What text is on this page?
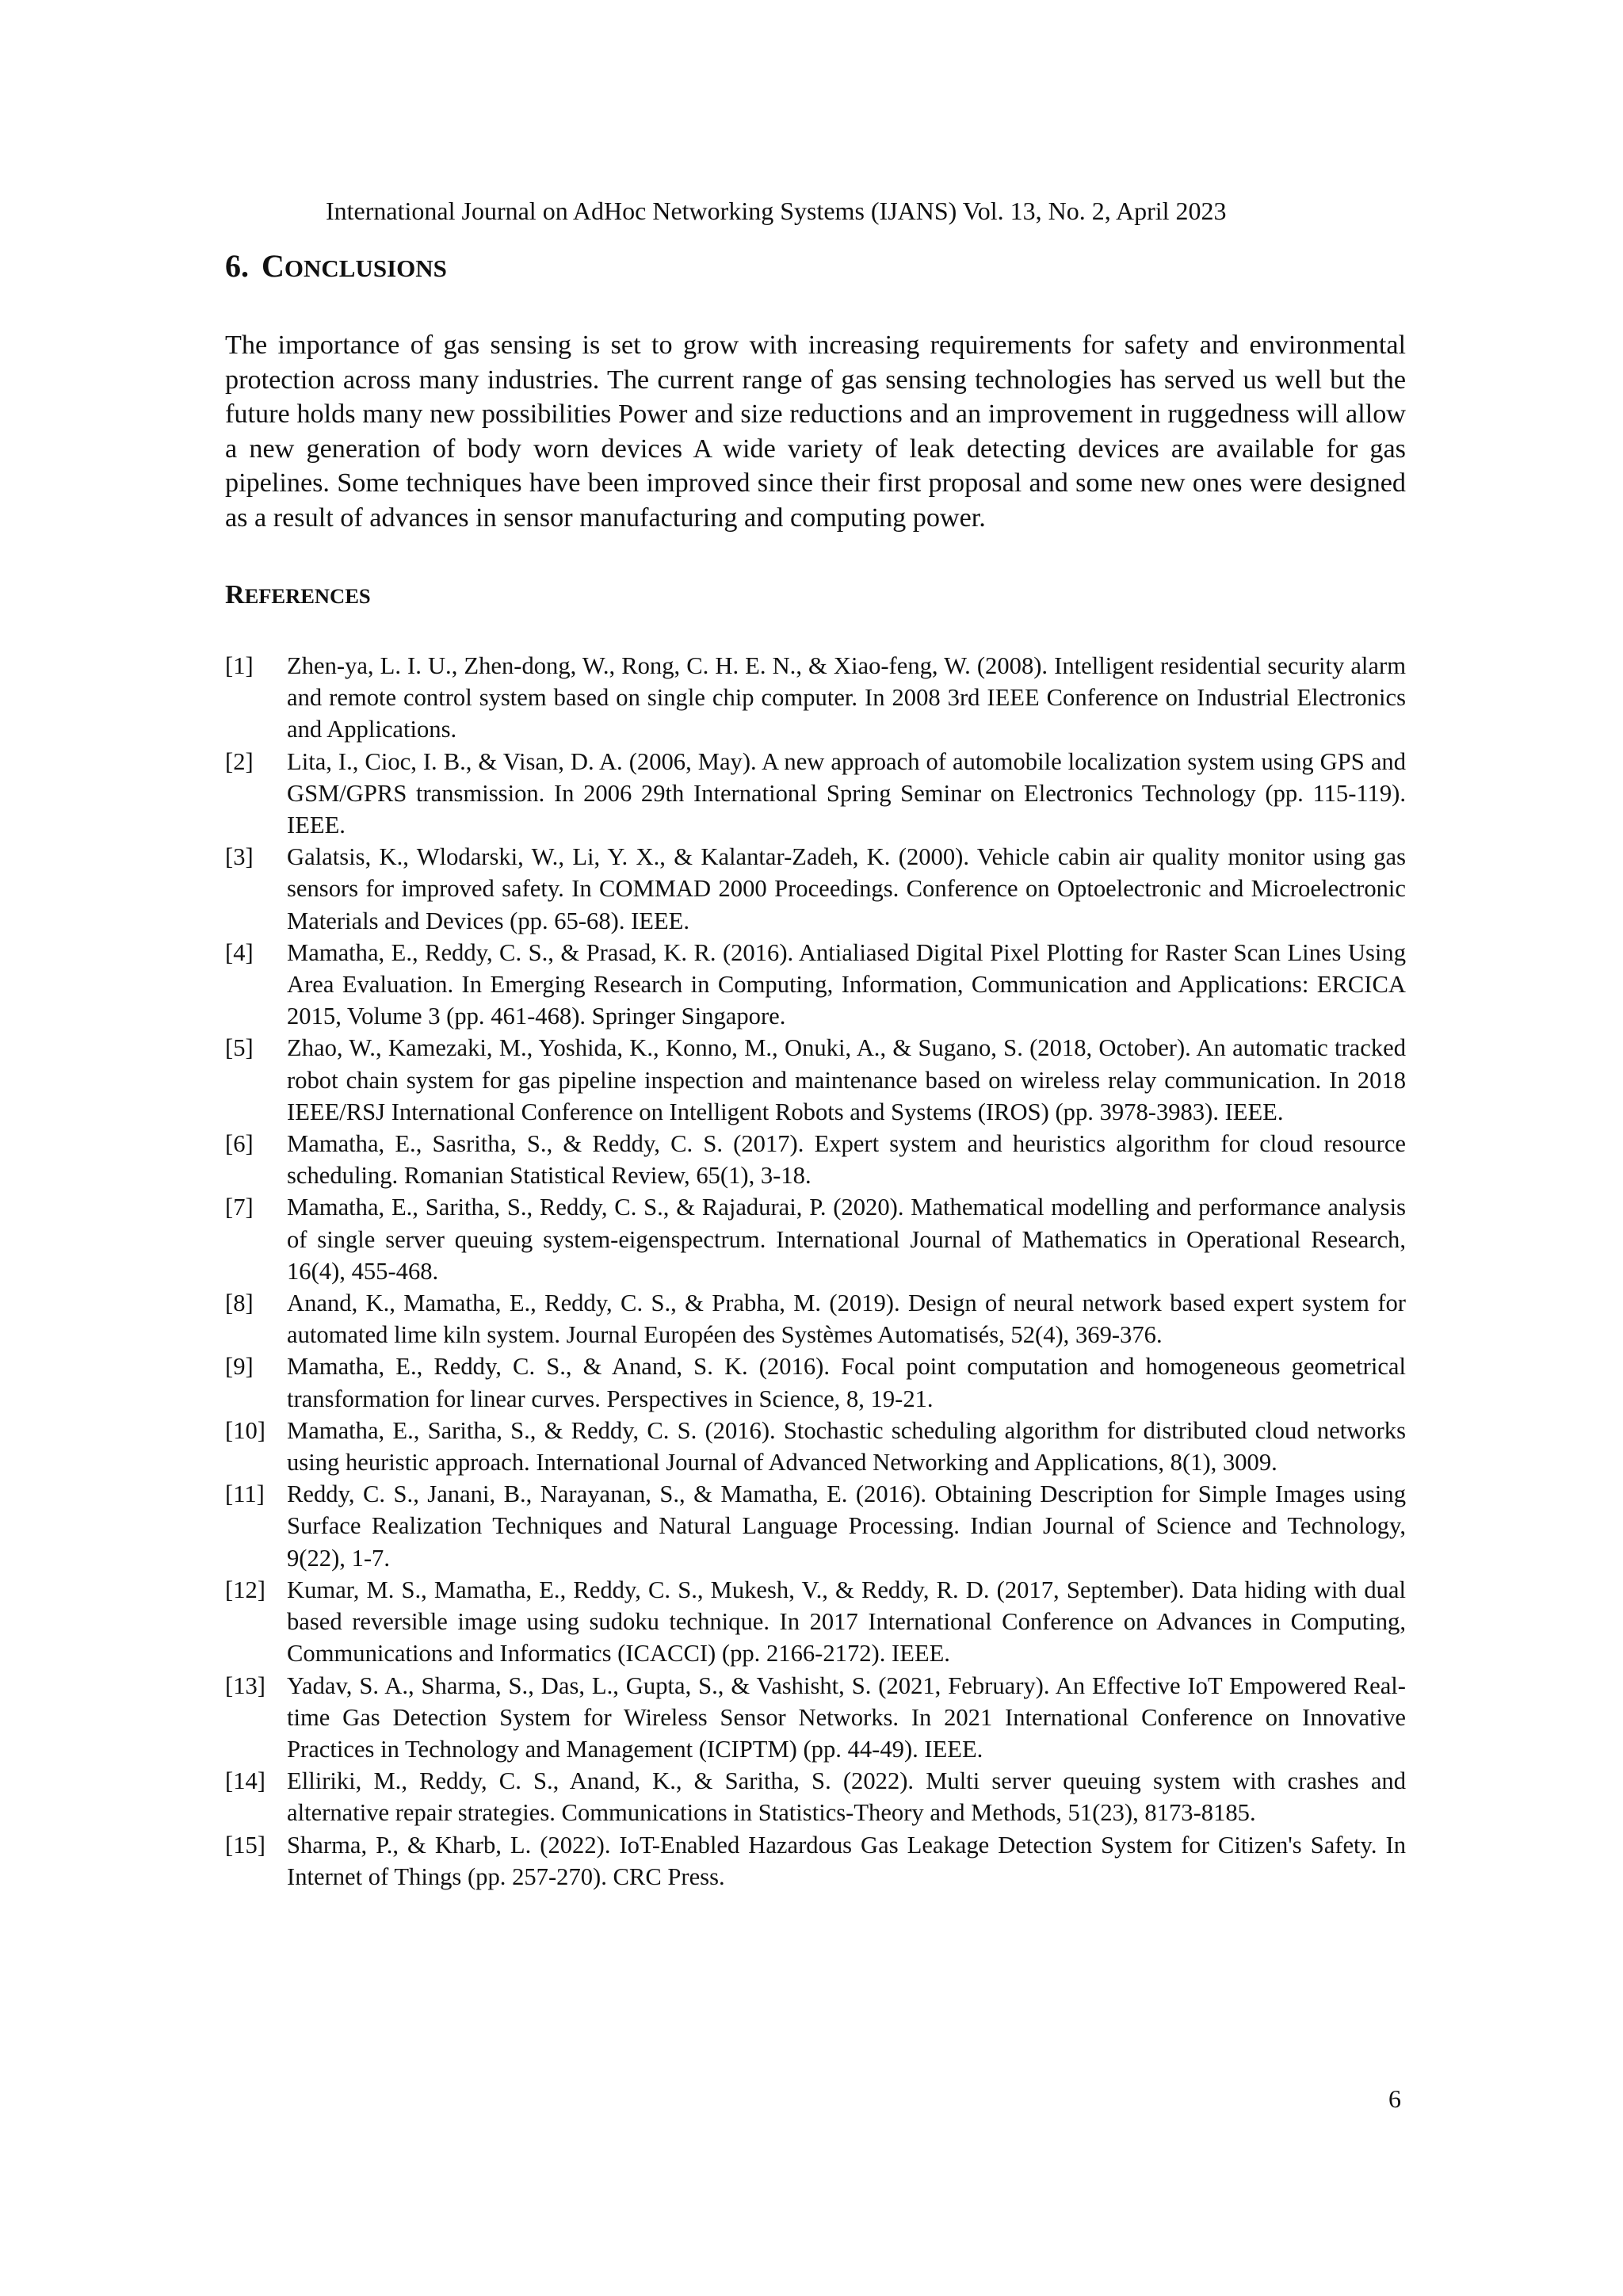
International Journal on AdHoc Networking Systems (IJANS) Vol. 13, No. 2, April 2023
6. CONCLUSIONS

The importance of gas sensing is set to grow with increasing requirements for safety and environmental protection across many industries. The current range of gas sensing technologies has served us well but the future holds many new possibilities Power and size reductions and an improvement in ruggedness will allow a new generation of body worn devices A wide variety of leak detecting devices are available for gas pipelines. Some techniques have been improved since their first proposal and some new ones were designed as a result of advances in sensor manufacturing and computing power.

REFERENCES
[1] Zhen-ya, L. I. U., Zhen-dong, W., Rong, C. H. E. N., & Xiao-feng, W. (2008). Intelligent residential security alarm and remote control system based on single chip computer. In 2008 3rd IEEE Conference on Industrial Electronics and Applications.
[2] Lita, I., Cioc, I. B., & Visan, D. A. (2006, May). A new approach of automobile localization system using GPS and GSM/GPRS transmission. In 2006 29th International Spring Seminar on Electronics Technology (pp. 115-119). IEEE.
[3] Galatsis, K., Wlodarski, W., Li, Y. X., & Kalantar-Zadeh, K. (2000). Vehicle cabin air quality monitor using gas sensors for improved safety. In COMMAD 2000 Proceedings. Conference on Optoelectronic and Microelectronic Materials and Devices (pp. 65-68). IEEE.
[4] Mamatha, E., Reddy, C. S., & Prasad, K. R. (2016). Antialiased Digital Pixel Plotting for Raster Scan Lines Using Area Evaluation. In Emerging Research in Computing, Information, Communication and Applications: ERCICA 2015, Volume 3 (pp. 461-468). Springer Singapore.
[5] Zhao, W., Kamezaki, M., Yoshida, K., Konno, M., Onuki, A., & Sugano, S. (2018, October). An automatic tracked robot chain system for gas pipeline inspection and maintenance based on wireless relay communication. In 2018 IEEE/RSJ International Conference on Intelligent Robots and Systems (IROS) (pp. 3978-3983). IEEE.
[6] Mamatha, E., Sasritha, S., & Reddy, C. S. (2017). Expert system and heuristics algorithm for cloud resource scheduling. Romanian Statistical Review, 65(1), 3-18.
[7] Mamatha, E., Saritha, S., Reddy, C. S., & Rajadurai, P. (2020). Mathematical modelling and performance analysis of single server queuing system-eigenspectrum. International Journal of Mathematics in Operational Research, 16(4), 455-468.
[8] Anand, K., Mamatha, E., Reddy, C. S., & Prabha, M. (2019). Design of neural network based expert system for automated lime kiln system. Journal Européen des Systèmes Automatisés, 52(4), 369-376.
[9] Mamatha, E., Reddy, C. S., & Anand, S. K. (2016). Focal point computation and homogeneous geometrical transformation for linear curves. Perspectives in Science, 8, 19-21.
[10] Mamatha, E., Saritha, S., & Reddy, C. S. (2016). Stochastic scheduling algorithm for distributed cloud networks using heuristic approach. International Journal of Advanced Networking and Applications, 8(1), 3009.
[11] Reddy, C. S., Janani, B., Narayanan, S., & Mamatha, E. (2016). Obtaining Description for Simple Images using Surface Realization Techniques and Natural Language Processing. Indian Journal of Science and Technology, 9(22), 1-7.
[12] Kumar, M. S., Mamatha, E., Reddy, C. S., Mukesh, V., & Reddy, R. D. (2017, September). Data hiding with dual based reversible image using sudoku technique. In 2017 International Conference on Advances in Computing, Communications and Informatics (ICACCI) (pp. 2166-2172). IEEE.
[13] Yadav, S. A., Sharma, S., Das, L., Gupta, S., & Vashisht, S. (2021, February). An Effective IoT Empowered Real-time Gas Detection System for Wireless Sensor Networks. In 2021 International Conference on Innovative Practices in Technology and Management (ICIPTM) (pp. 44-49). IEEE.
[14] Elliriki, M., Reddy, C. S., Anand, K., & Saritha, S. (2022). Multi server queuing system with crashes and alternative repair strategies. Communications in Statistics-Theory and Methods, 51(23), 8173-8185.
[15] Sharma, P., & Kharb, L. (2022). IoT-Enabled Hazardous Gas Leakage Detection System for Citizen's Safety. In Internet of Things (pp. 257-270). CRC Press.
6
